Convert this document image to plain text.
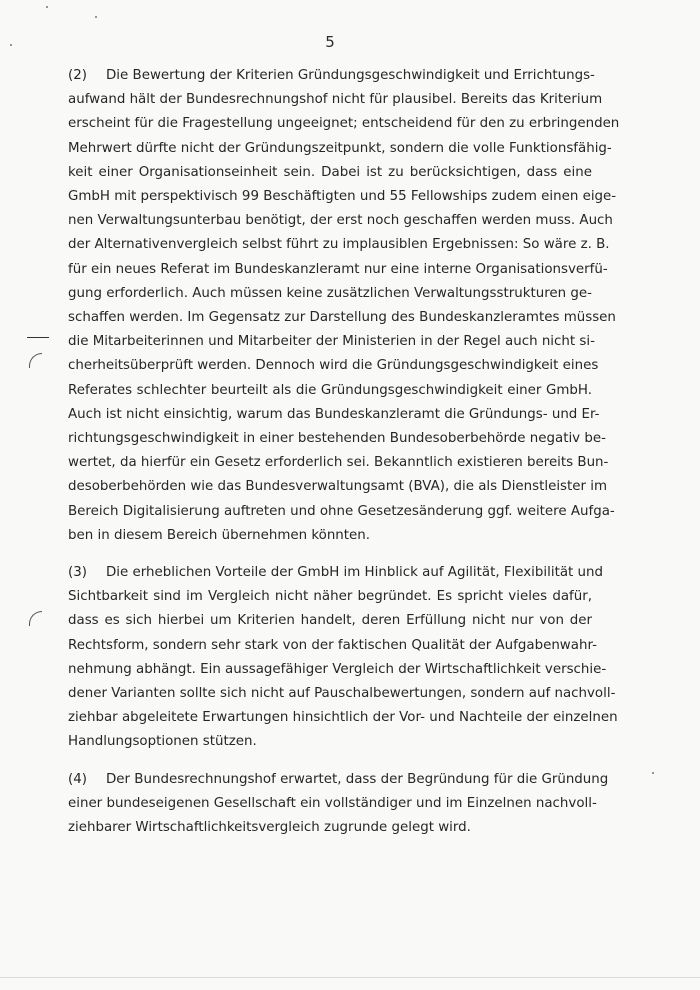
5
(2) Die Bewertung der Kriterien Gründungsgeschwindigkeit und Errichtungs-
aufwand hält der Bundesrechnungshof nicht für plausibel. Bereits das Kriterium
erscheint für die Fragestellung ungeeignet; entscheidend für den zu erbringenden
Mehrwert dürfte nicht der Gründungszeitpunkt, sondern die volle Funktionsfähig-
keit einer Organisationseinheit sein. Dabei ist zu berücksichtigen, dass eine
GmbH mit perspektivisch 99 Beschäftigten und 55 Fellowships zudem einen eige-
nen Verwaltungsunterbau benötigt, der erst noch geschaffen werden muss. Auch
der Alternativenvergleich selbst führt zu implausiblen Ergebnissen: So wäre z. B.
für ein neues Referat im Bundeskanzleramt nur eine interne Organisationsverfü-
gung erforderlich. Auch müssen keine zusätzlichen Verwaltungsstrukturen ge-
schaffen werden. Im Gegensatz zur Darstellung des Bundeskanzleramtes müssen
die Mitarbeiterinnen und Mitarbeiter der Ministerien in der Regel auch nicht si-
cherheitsüberprüft werden. Dennoch wird die Gründungsgeschwindigkeit eines
Referates schlechter beurteilt als die Gründungsgeschwindigkeit einer GmbH.
Auch ist nicht einsichtig, warum das Bundeskanzleramt die Gründungs- und Er-
richtungsgeschwindigkeit in einer bestehenden Bundesoberbehörde negativ be-
wertet, da hierfür ein Gesetz erforderlich sei. Bekanntlich existieren bereits Bun-
desoberbehörden wie das Bundesverwaltungsamt (BVA), die als Dienstleister im
Bereich Digitalisierung auftreten und ohne Gesetzesänderung ggf. weitere Aufga-
ben in diesem Bereich übernehmen könnten.
(3) Die erheblichen Vorteile der GmbH im Hinblick auf Agilität, Flexibilität und
Sichtbarkeit sind im Vergleich nicht näher begründet. Es spricht vieles dafür,
dass es sich hierbei um Kriterien handelt, deren Erfüllung nicht nur von der
Rechtsform, sondern sehr stark von der faktischen Qualität der Aufgabenwahr-
nehmung abhängt. Ein aussagefähiger Vergleich der Wirtschaftlichkeit verschie-
dener Varianten sollte sich nicht auf Pauschalbewertungen, sondern auf nachvoll-
ziehbar abgeleitete Erwartungen hinsichtlich der Vor- und Nachteile der einzelnen
Handlungsoptionen stützen.
(4) Der Bundesrechnungshof erwartet, dass der Begründung für die Gründung
einer bundeseigenen Gesellschaft ein vollständiger und im Einzelnen nachvoll-
ziehbarer Wirtschaftlichkeitsvergleich zugrunde gelegt wird.
